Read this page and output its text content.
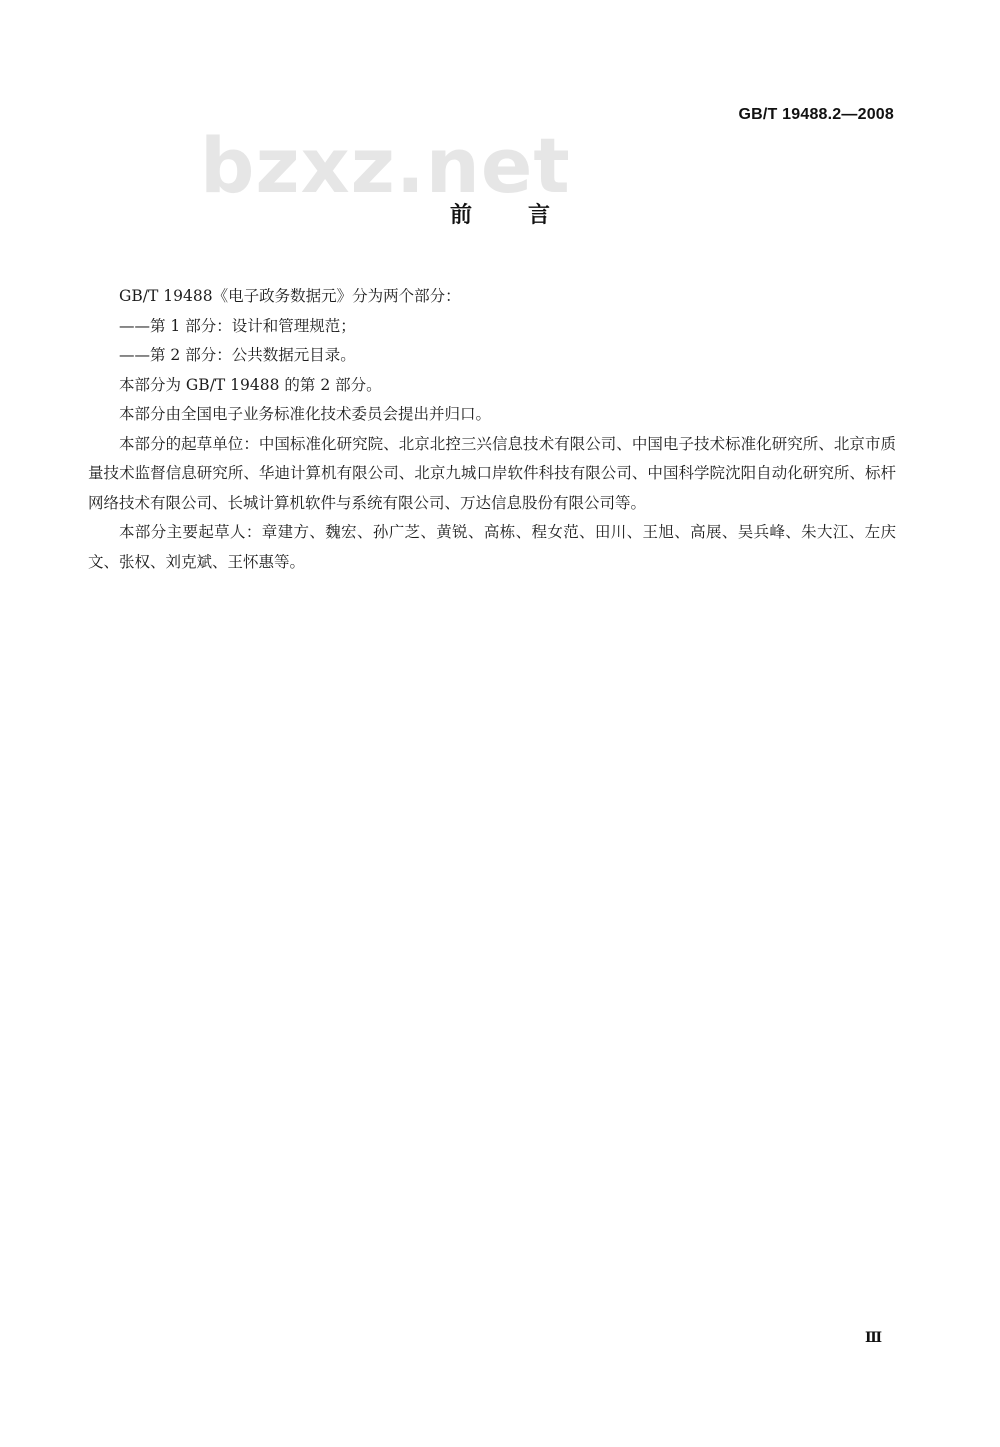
GB/T 19488.2—2008
bzxz.net
前言

GB/T 19488《电子政务数据元》分为两个部分：

——第 1 部分：设计和管理规范；

——第 2 部分：公共数据元目录。

本部分为 GB/T 19488 的第 2 部分。

本部分由全国电子业务标准化技术委员会提出并归口。

本部分的起草单位：中国标准化研究院、北京北控三兴信息技术有限公司、中国电子技术标准化研究所、北京市质量技术监督信息研究所、华迪计算机有限公司、北京九城口岸软件科技有限公司、中国科学院沈阳自动化研究所、标杆网络技术有限公司、长城计算机软件与系统有限公司、万达信息股份有限公司等。

本部分主要起草人：章建方、魏宏、孙广芝、黄锐、高栋、程女范、田川、王旭、高展、吴兵峰、朱大江、左庆文、张权、刘克斌、王怀惠等。

Ⅲ
